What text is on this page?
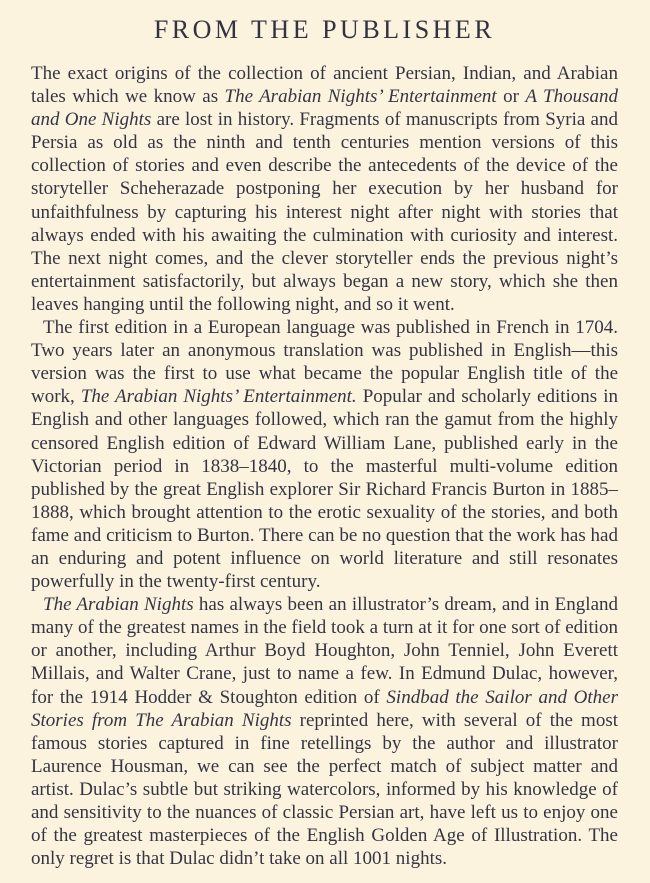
FROM THE PUBLISHER

The exact origins of the collection of ancient Persian, Indian, and Arabian tales which we know as The Arabian Nights’ Entertainment or A Thousand and One Nights are lost in history. Fragments of manuscripts from Syria and Persia as old as the ninth and tenth centuries mention versions of this collection of stories and even describe the antecedents of the device of the storyteller Scheherazade postponing her execution by her husband for unfaithfulness by capturing his interest night after night with stories that always ended with his awaiting the culmination with curiosity and interest. The next night comes, and the clever storyteller ends the previous night’s entertainment satisfactorily, but always began a new story, which she then leaves hanging until the following night, and so it went.

The first edition in a European language was published in French in 1704. Two years later an anonymous translation was published in English—this version was the first to use what became the popular English title of the work, The Arabian Nights’ Entertainment. Popular and scholarly editions in English and other languages followed, which ran the gamut from the highly censored English edition of Edward William Lane, published early in the Victorian period in 1838–1840, to the masterful multi-volume edition published by the great English explorer Sir Richard Francis Burton in 1885–1888, which brought attention to the erotic sexuality of the stories, and both fame and criticism to Burton. There can be no question that the work has had an enduring and potent influence on world literature and still resonates powerfully in the twenty-first century.

The Arabian Nights has always been an illustrator’s dream, and in England many of the greatest names in the field took a turn at it for one sort of edition or another, including Arthur Boyd Houghton, John Tenniel, John Everett Millais, and Walter Crane, just to name a few. In Edmund Dulac, however, for the 1914 Hodder & Stoughton edition of Sindbad the Sailor and Other Stories from The Arabian Nights reprinted here, with several of the most famous stories captured in fine retellings by the author and illustrator Laurence Housman, we can see the perfect match of subject matter and artist. Dulac’s subtle but striking watercolors, informed by his knowledge of and sensitivity to the nuances of classic Persian art, have left us to enjoy one of the greatest masterpieces of the English Golden Age of Illustration. The only regret is that Dulac didn’t take on all 1001 nights.
